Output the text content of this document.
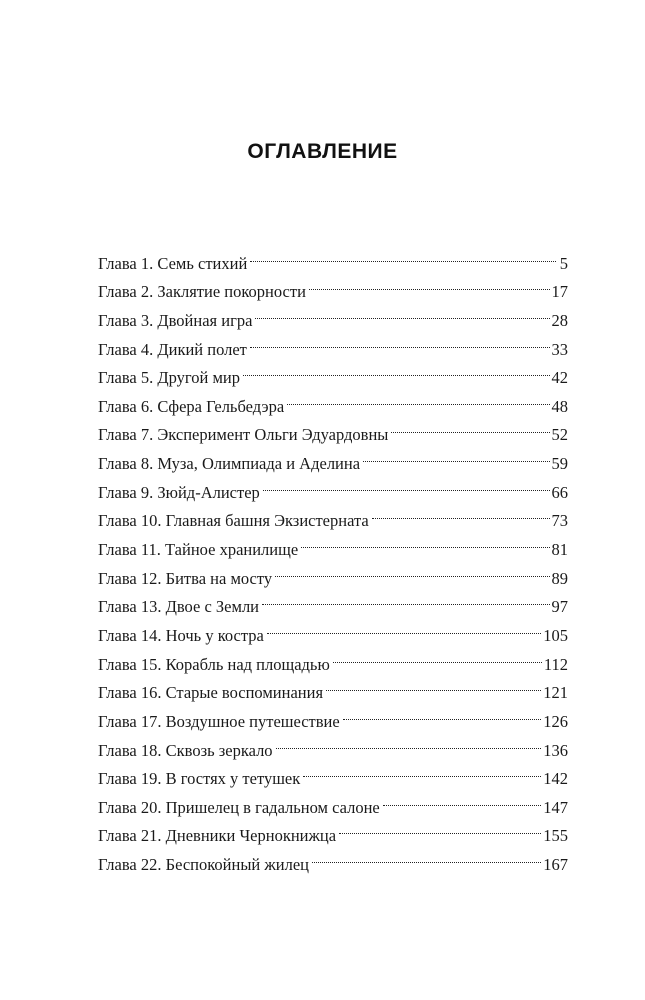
ОГЛАВЛЕНИЕ
Глава 1. Семь стихий	5
Глава 2. Заклятие покорности	17
Глава 3. Двойная игра	28
Глава 4. Дикий полет	33
Глава 5. Другой мир	42
Глава 6. Сфера Гельбедэра	48
Глава 7. Эксперимент Ольги Эдуардовны	52
Глава 8. Муза, Олимпиада и Аделина	59
Глава 9. Зюйд-Алистер	66
Глава 10. Главная башня Экзистерната	73
Глава 11. Тайное хранилище	81
Глава 12. Битва на мосту	89
Глава 13. Двое с Земли	97
Глава 14. Ночь у костра	105
Глава 15. Корабль над площадью	112
Глава 16. Старые воспоминания	121
Глава 17. Воздушное путешествие	126
Глава 18. Сквозь зеркало	136
Глава 19. В гостях у тетушек	142
Глава 20. Пришелец в гадальном салоне	147
Глава 21. Дневники Чернокнижца	155
Глава 22. Беспокойный жилец	167
